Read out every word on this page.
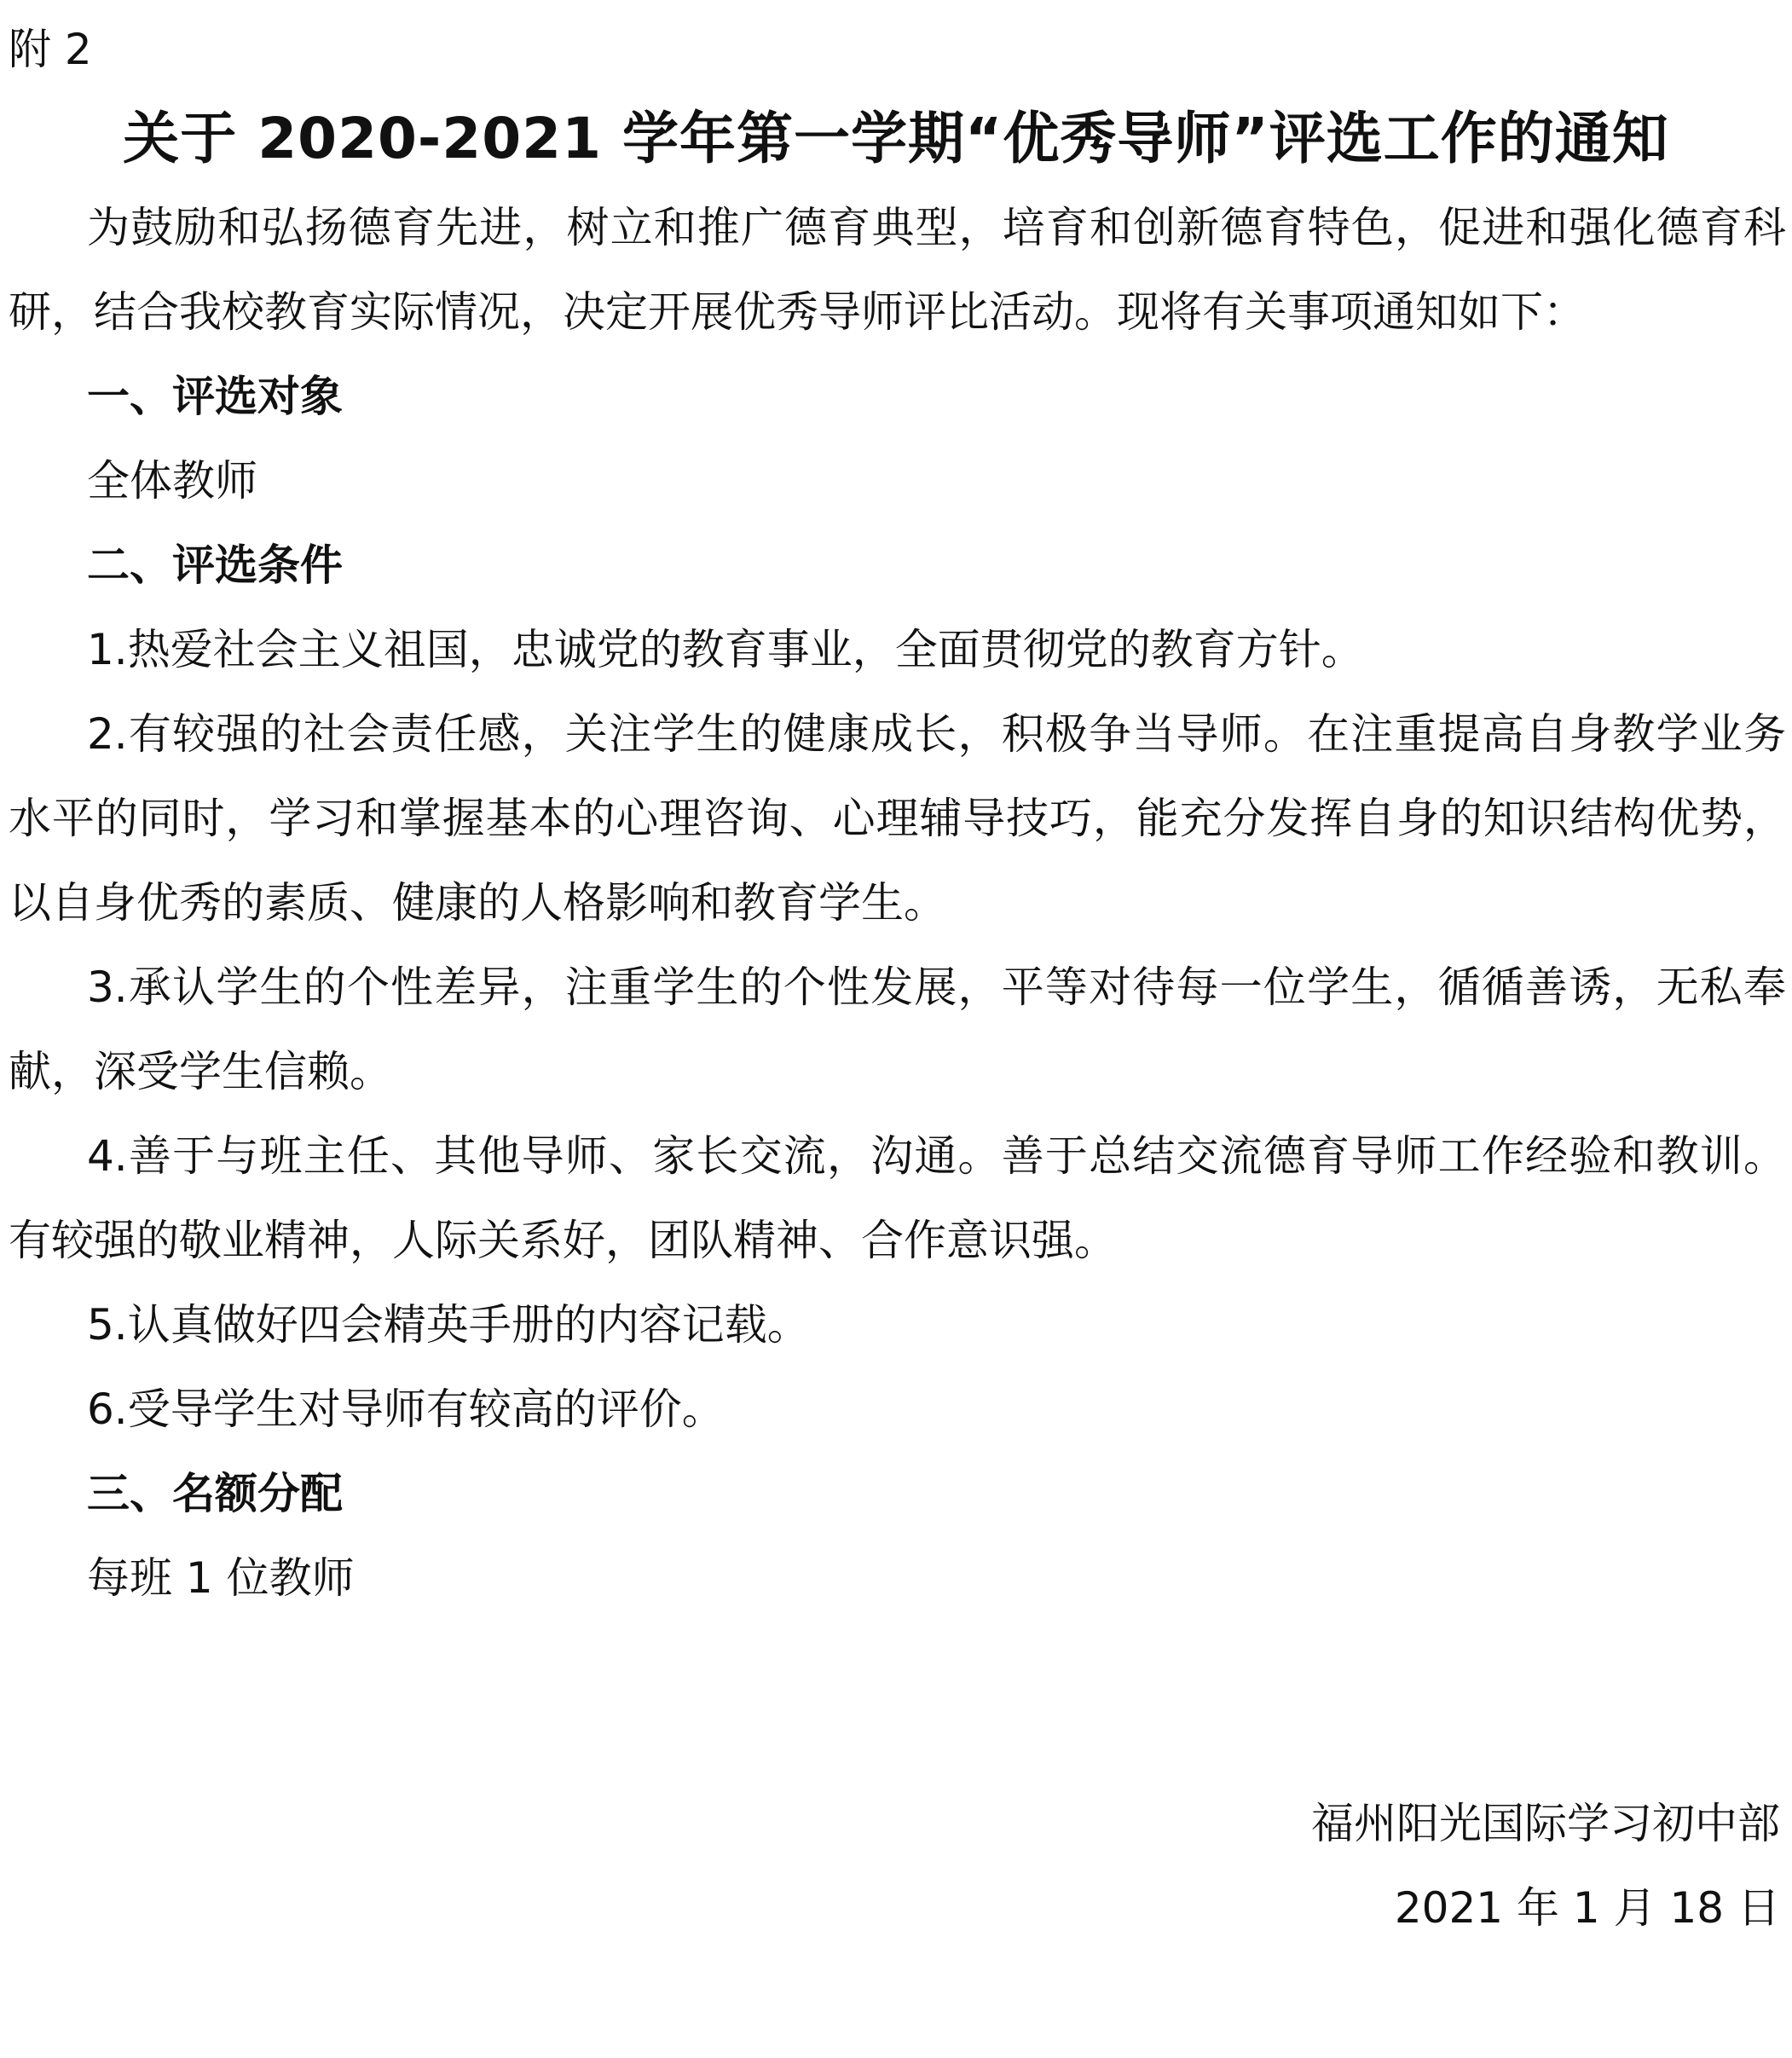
附 2
关于 2020-2021 学年第一学期“优秀导师”评选工作的通知

为鼓励和弘扬德育先进，树立和推广德育典型，培育和创新德育特色，促进和强化德育科研，结合我校教育实际情况，决定开展优秀导师评比活动。现将有关事项通知如下：

一、评选对象

全体教师

二、评选条件

1.热爱社会主义祖国，忠诚党的教育事业，全面贯彻党的教育方针。

2.有较强的社会责任感，关注学生的健康成长，积极争当导师。在注重提高自身教学业务水平的同时，学习和掌握基本的心理咨询、心理辅导技巧，能充分发挥自身的知识结构优势，以自身优秀的素质、健康的人格影响和教育学生。

3.承认学生的个性差异，注重学生的个性发展，平等对待每一位学生，循循善诱，无私奉献，深受学生信赖。

4.善于与班主任、其他导师、家长交流，沟通。善于总结交流德育导师工作经验和教训。有较强的敬业精神，人际关系好，团队精神、合作意识强。

5.认真做好四会精英手册的内容记载。

6.受导学生对导师有较高的评价。

三、名额分配

每班 1 位教师

福州阳光国际学习初中部
2021 年 1 月 18 日
